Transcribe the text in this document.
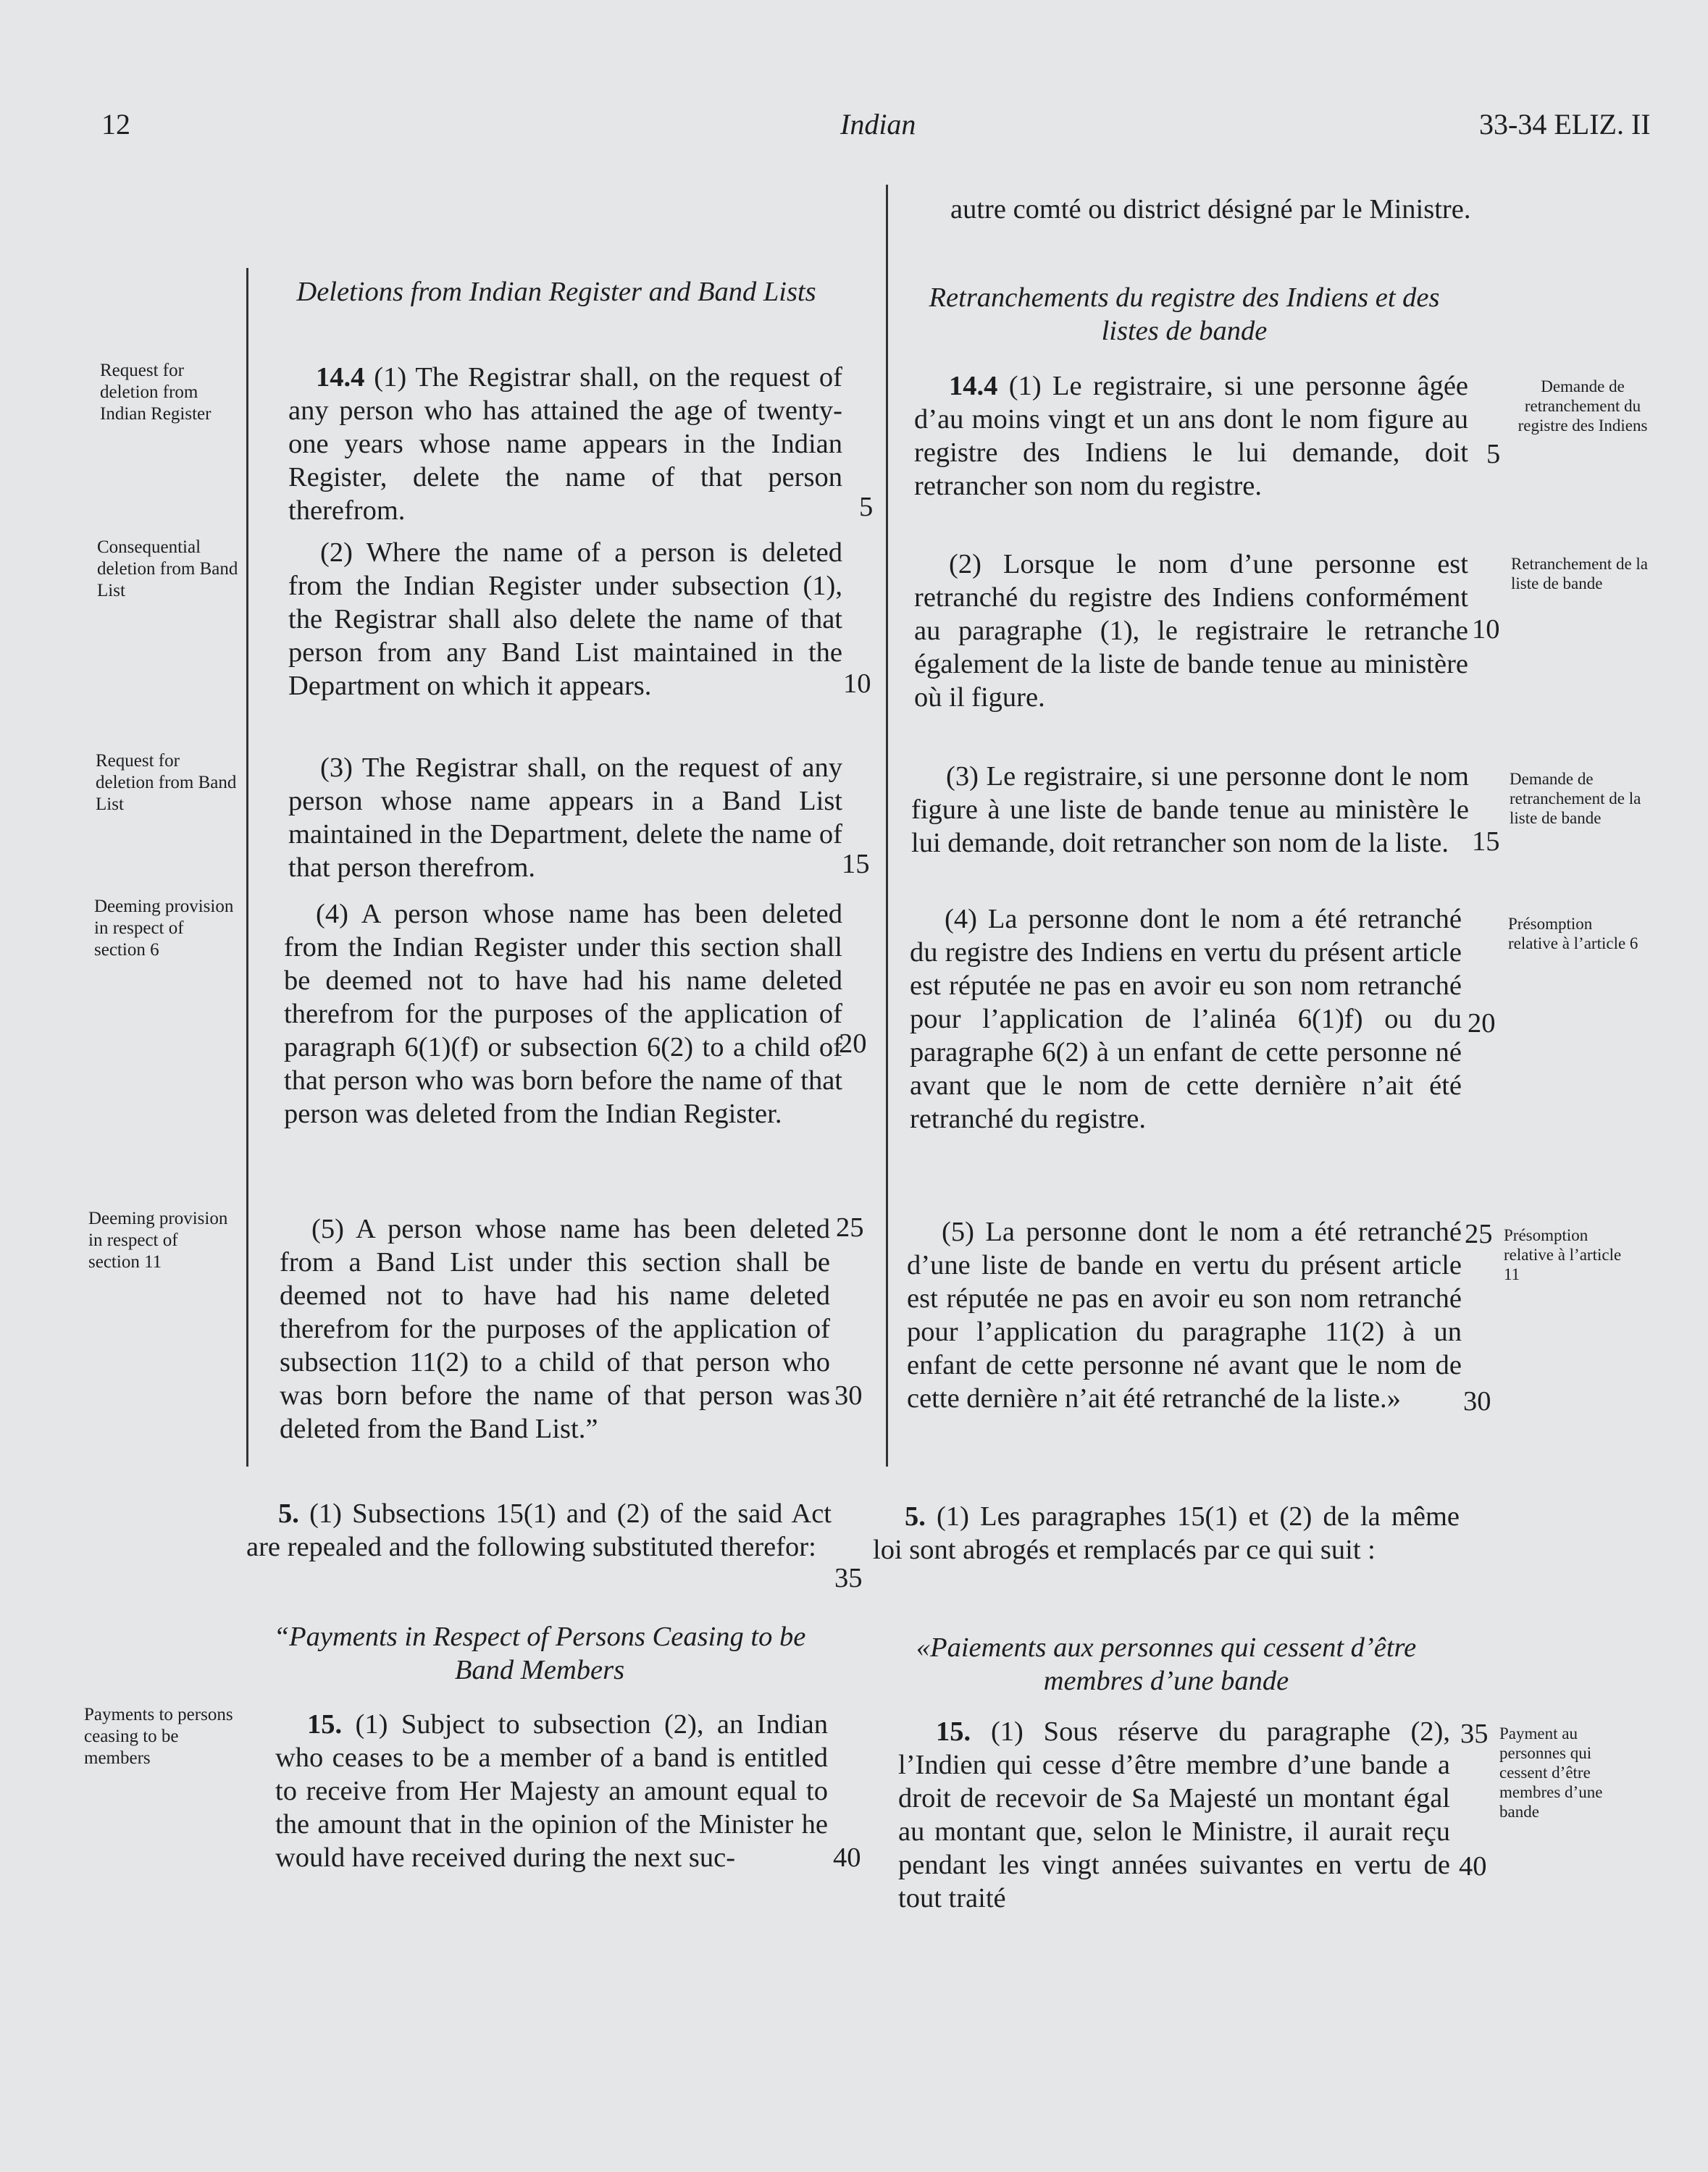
12	Indian	33-34 ELIZ. II
Deletions from Indian Register and Band Lists
14.4 (1) The Registrar shall, on the request of any person who has attained the age of twenty-one years whose name appears in the Indian Register, delete the name of that person therefrom.
(2) Where the name of a person is deleted from the Indian Register under subsection (1), the Registrar shall also delete the name of that person from any Band List maintained in the Department on which it appears.
(3) The Registrar shall, on the request of any person whose name appears in a Band List maintained in the Department, delete the name of that person therefrom.
(4) A person whose name has been deleted from the Indian Register under this section shall be deemed not to have had his name deleted therefrom for the purposes of the application of paragraph 6(1)(f) or subsection 6(2) to a child of that person who was born before the name of that person was deleted from the Indian Register.
(5) A person whose name has been deleted from a Band List under this section shall be deemed not to have had his name deleted therefrom for the purposes of the application of subsection 11(2) to a child of that person who was born before the name of that person was deleted from the Band List.”
5. (1) Subsections 15(1) and (2) of the said Act are repealed and the following substituted therefor:
“Payments in Respect of Persons Ceasing to be Band Members
15. (1) Subject to subsection (2), an Indian who ceases to be a member of a band is entitled to receive from Her Majesty an amount equal to the amount that in the opinion of the Minister he would have received during the next suc-
autre comté ou district désigné par le Ministre.
Retranchements du registre des Indiens et des listes de bande
14.4 (1) Le registraire, si une personne âgée d’au moins vingt et un ans dont le nom figure au registre des Indiens le lui demande, doit retrancher son nom du registre.
(2) Lorsque le nom d’une personne est retranché du registre des Indiens conformément au paragraphe (1), le registraire le retranche également de la liste de bande tenue au ministère où il figure.
(3) Le registraire, si une personne dont le nom figure à une liste de bande tenue au ministère le lui demande, doit retrancher son nom de la liste.
(4) La personne dont le nom a été retranché du registre des Indiens en vertu du présent article est réputée ne pas en avoir eu son nom retranché pour l’application de l’alinéa 6(1)f) ou du paragraphe 6(2) à un enfant de cette personne né avant que le nom de cette dernière n’ait été retranché du registre.
(5) La personne dont le nom a été retranché d’une liste de bande en vertu du présent article est réputée ne pas en avoir eu son nom retranché pour l’application du paragraphe 11(2) à un enfant de cette personne né avant que le nom de cette dernière n’ait été retranché de la liste.»
5. (1) Les paragraphes 15(1) et (2) de la même loi sont abrogés et remplacés par ce qui suit :
«Paiements aux personnes qui cessent d’être membres d’une bande
15. (1) Sous réserve du paragraphe (2), l’Indien qui cesse d’être membre d’une bande a droit de recevoir de Sa Majesté un montant égal au montant que, selon le Ministre, il aurait reçu pendant les vingt années suivantes en vertu de tout traité
Request for deletion from Indian Register
Consequential deletion from Band List
Request for deletion from Band List
Deeming provision in respect of section 6
Deeming provision in respect of section 11
Payments to persons ceasing to be members
Demande de retranchement du registre des Indiens
Retranchement de la liste de bande
Demande de retranchement de la liste de bande
Présomption relative à l’article 6
Présomption relative à l’article 11
Payment au personnes qui cessent d’être membres d’une bande
5
10
15
20
25
30
35
40
5
10
15
20
25
30
35
40
